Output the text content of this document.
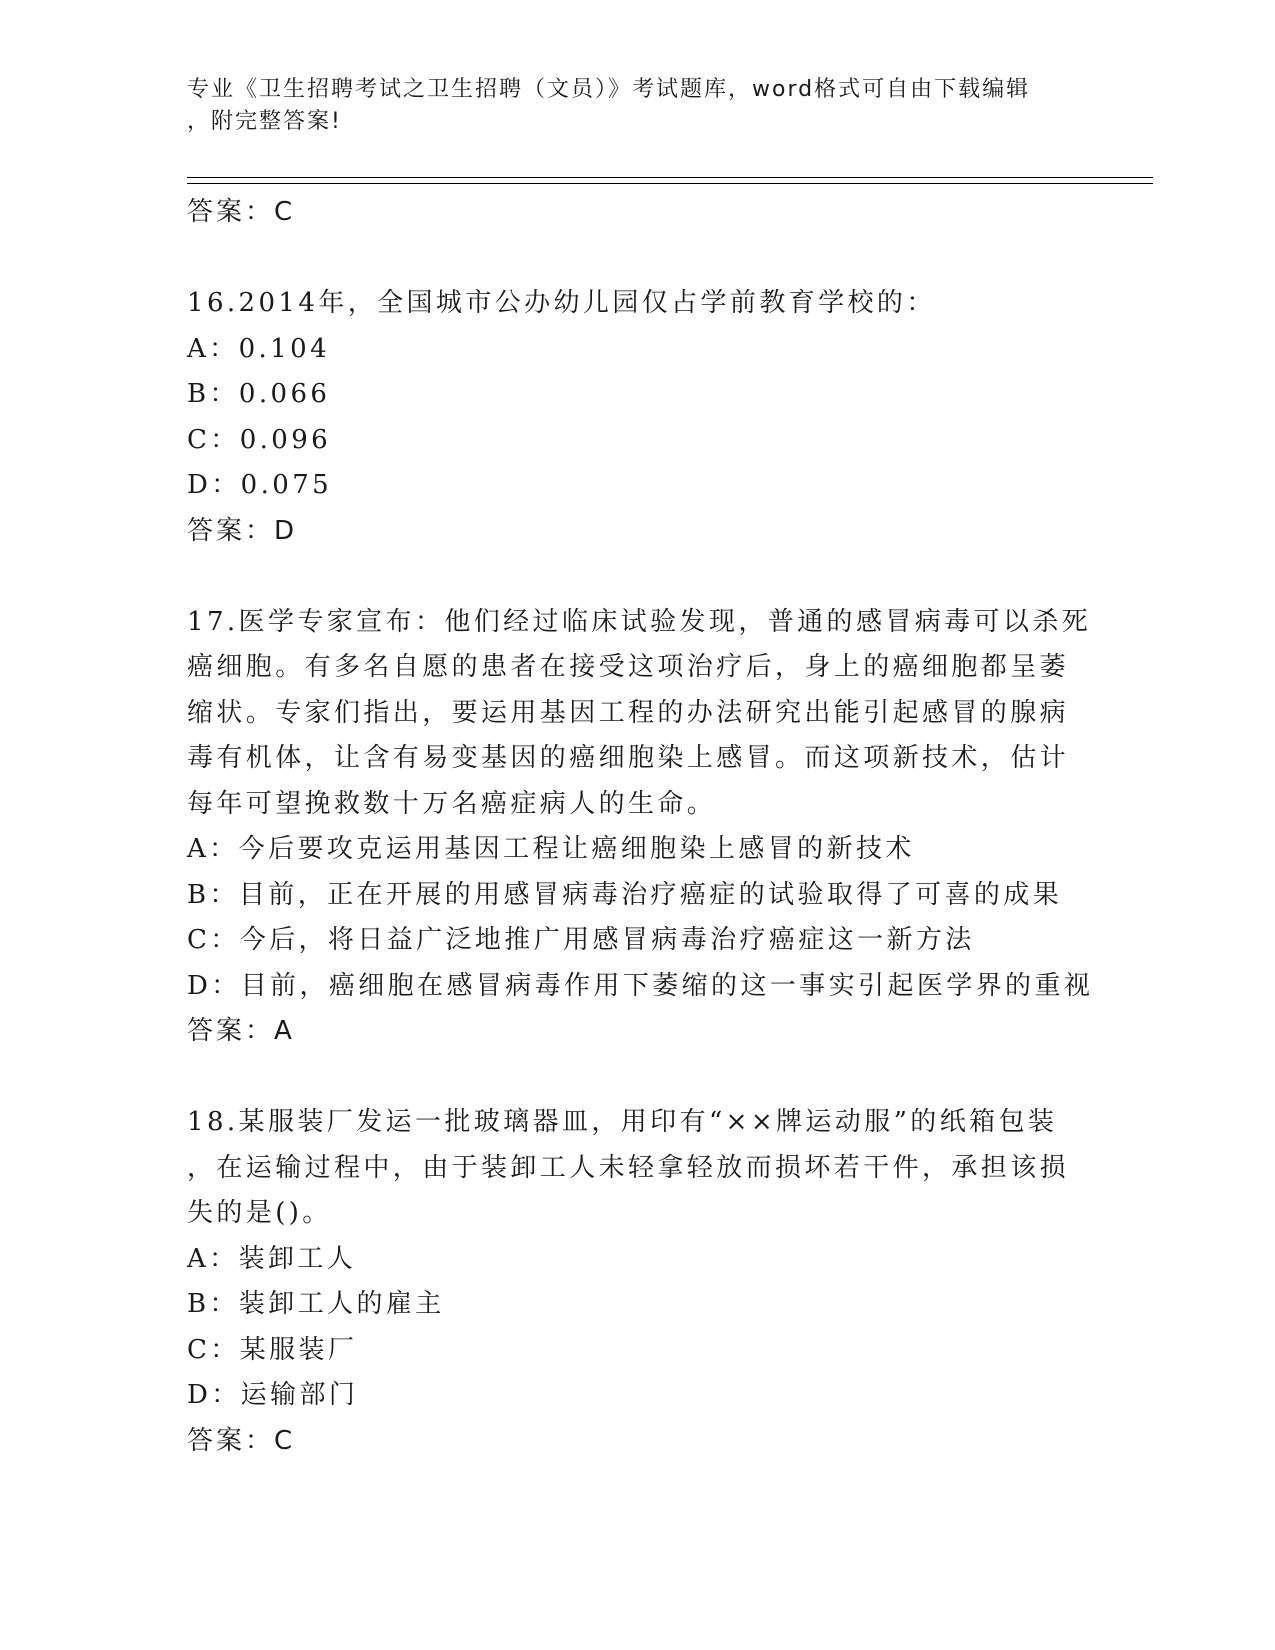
专业《卫生招聘考试之卫生招聘（文员）》考试题库，word格式可自由下载编辑
，附完整答案!
答案：C
16.2014年，全国城市公办幼儿园仅占学前教育学校的：
A：0.104
B：0.066
C：0.096
D：0.075
答案：D
17.医学专家宣布：他们经过临床试验发现，普通的感冒病毒可以杀死
癌细胞。有多名自愿的患者在接受这项治疗后，身上的癌细胞都呈萎
缩状。专家们指出，要运用基因工程的办法研究出能引起感冒的腺病
毒有机体，让含有易变基因的癌细胞染上感冒。而这项新技术，估计
每年可望挽救数十万名癌症病人的生命。
A：今后要攻克运用基因工程让癌细胞染上感冒的新技术
B：目前，正在开展的用感冒病毒治疗癌症的试验取得了可喜的成果
C：今后，将日益广泛地推广用感冒病毒治疗癌症这一新方法
D：目前，癌细胞在感冒病毒作用下萎缩的这一事实引起医学界的重视
答案：A
18.某服装厂发运一批玻璃器皿，用印有“××牌运动服”的纸箱包装
，在运输过程中，由于装卸工人未轻拿轻放而损坏若干件，承担该损
失的是()。
A：装卸工人
B：装卸工人的雇主
C：某服装厂
D：运输部门
答案：C
